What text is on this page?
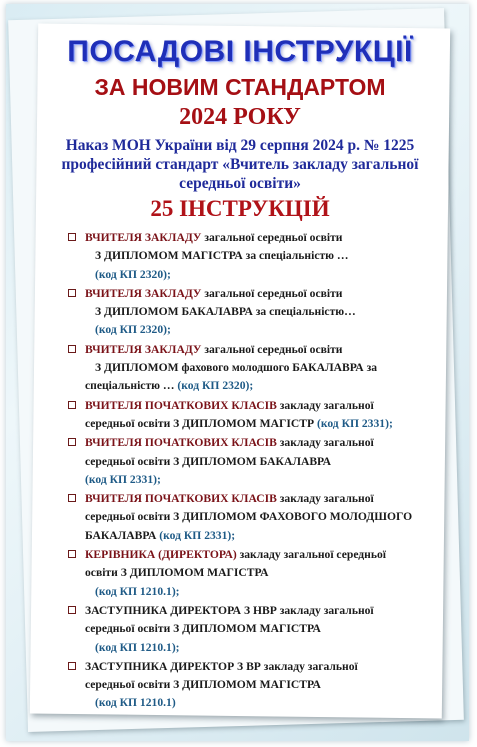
ПОСАДОВІ ІНСТРУКЦІЇ
ЗА НОВИМ СТАНДАРТОМ
2024 РОКУ
Наказ МОН України від 29 серпня 2024 р. № 1225 професійний стандарт «Вчитель закладу загальної середньої освіти»
25 ІНСТРУКЦІЙ
ВЧИТЕЛЯ ЗАКЛАДУ загальної середньої освіти
З ДИПЛОМОМ МАГІСТРА за спеціальністю …
(код КП 2320);
ВЧИТЕЛЯ ЗАКЛАДУ загальної середньої освіти
З ДИПЛОМОМ БАКАЛАВРА за спеціальністю…
(код КП 2320);
ВЧИТЕЛЯ ЗАКЛАДУ загальної середньої освіти
З ДИПЛОМОМ фахового молодшого БАКАЛАВРА за
спеціальністю … (код КП 2320);
ВЧИТЕЛЯ ПОЧАТКОВИХ КЛАСІВ закладу загальної
середньої освіти З ДИПЛОМОМ МАГІСТР (код КП 2331);
ВЧИТЕЛЯ ПОЧАТКОВИХ КЛАСІВ закладу загальної
середньої освіти З ДИПЛОМОМ БАКАЛАВРА
(код КП 2331);
ВЧИТЕЛЯ ПОЧАТКОВИХ КЛАСІВ закладу загальної
середньої освіти З ДИПЛОМОМ ФАХОВОГО МОЛОДШОГО
БАКАЛАВРА (код КП 2331);
КЕРІВНИКА (ДИРЕКТОРА) закладу загальної середньої
освіти З ДИПЛОМОМ МАГІСТРА
(код КП 1210.1);
ЗАСТУПНИКА ДИРЕКТОРА З НВР закладу загальної
середньої освіти З ДИПЛОМОМ МАГІСТРА
(код КП 1210.1);
ЗАСТУПНИКА ДИРЕКТОР З ВР закладу загальної
середньої освіти З ДИПЛОМОМ МАГІСТРА
(код КП 1210.1)
